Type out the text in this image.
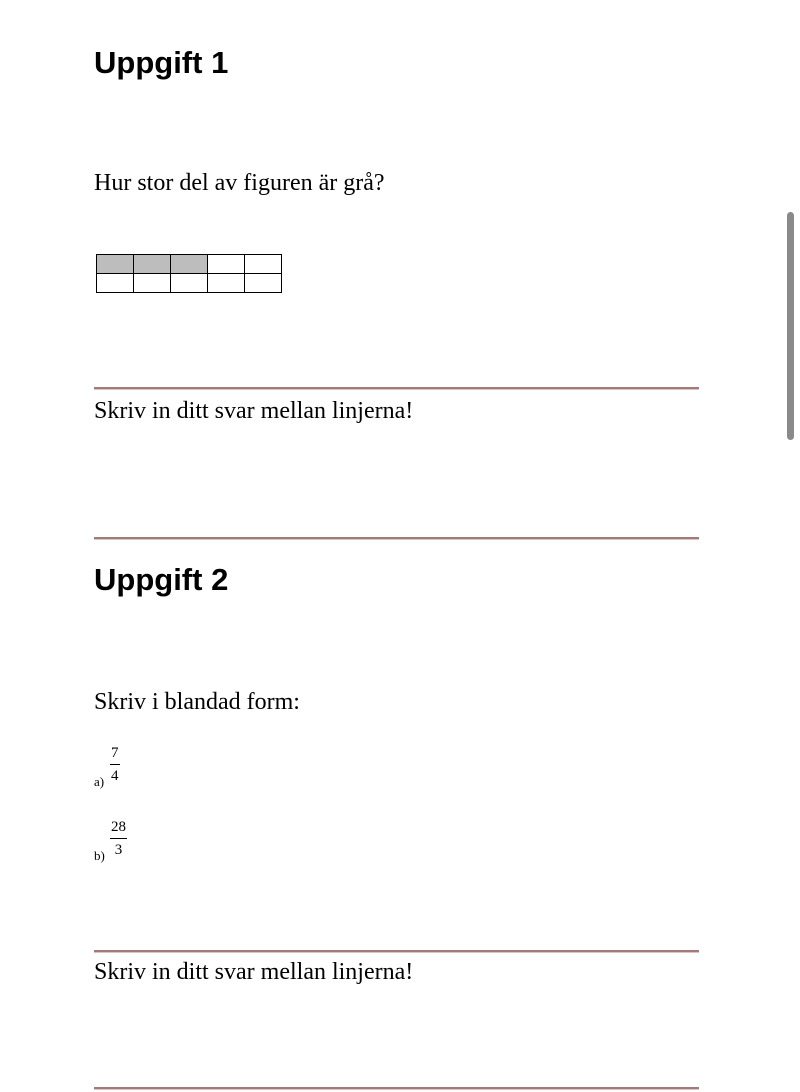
Uppgift 1
Hur stor del av figuren är grå?

Skriv in ditt svar mellan linjerna!
Uppgift 2
Skriv i blandad form:
$a) \frac{7}{4}$
$b) \frac{28}{3}$
Skriv in ditt svar mellan linjerna!
